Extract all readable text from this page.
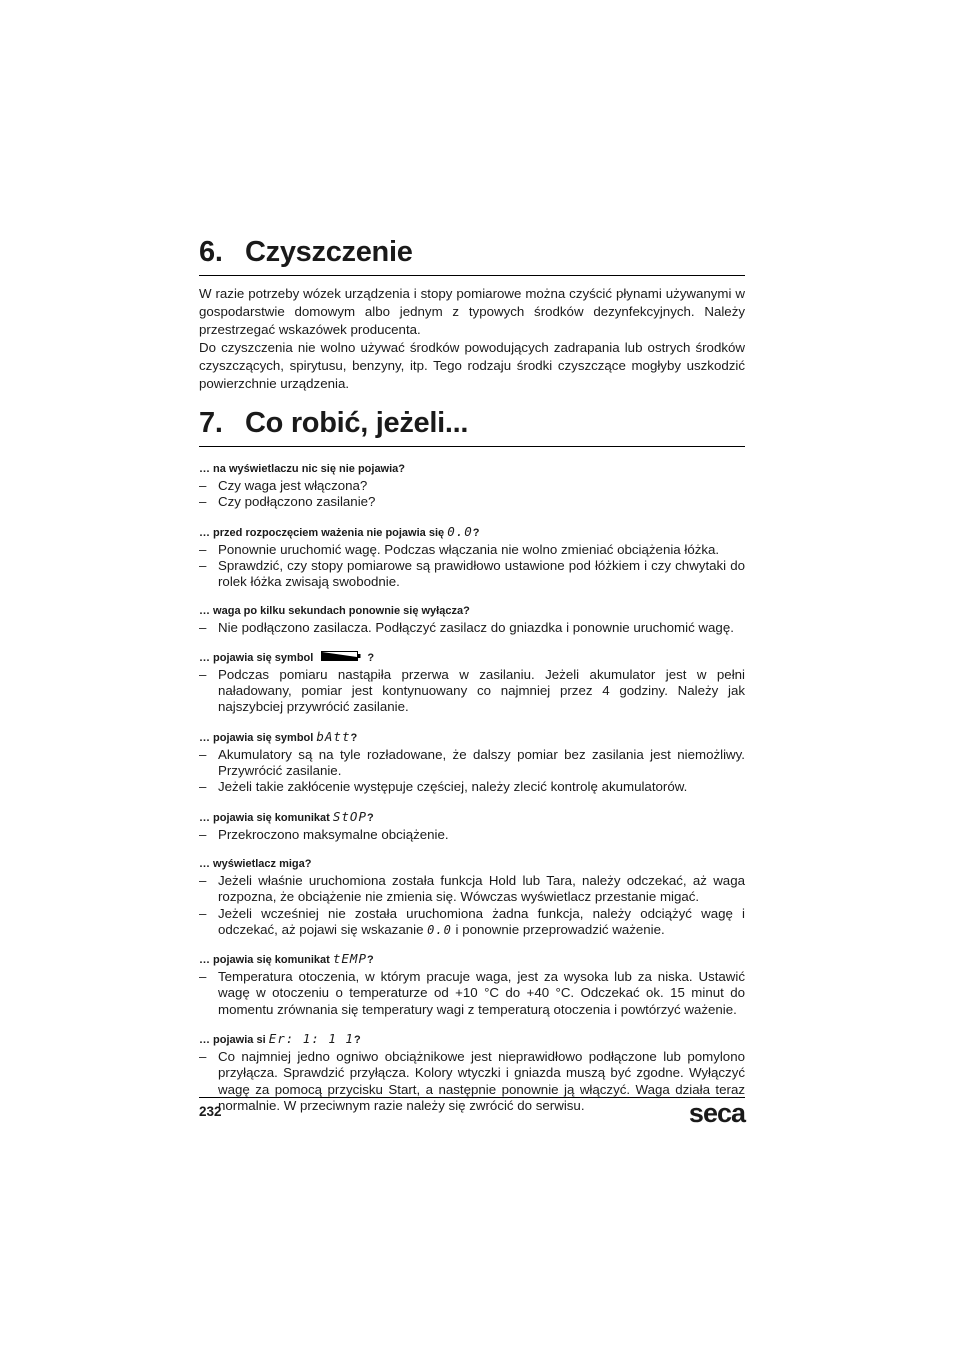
6. Czyszczenie

W razie potrzeby wózek urządzenia i stopy pomiarowe można czyścić płynami używanymi w gospodarstwie domowym albo jednym z typowych środków dezynfekcyjnych. Należy przestrzegać wskazówek producenta.

Do czyszczenia nie wolno używać środków powodujących zadrapania lub ostrych środków czyszczących, spirytusu, benzyny, itp. Tego rodzaju środki czyszczące mogłyby uszkodzić powierzchnie urządzenia.

7. Co robić, jeżeli...
… na wyświetlaczu nic się nie pojawia?
– Czy waga jest włączona?
– Czy podłączono zasilanie?
… przed rozpoczęciem ważenia nie pojawia się 0.0?
– Ponownie uruchomić wagę. Podczas włączania nie wolno zmieniać obciążenia łóżka.
– Sprawdzić, czy stopy pomiarowe są prawidłowo ustawione pod łóżkiem i czy chwytaki do rolek łóżka zwisają swobodnie.
… waga po kilku sekundach ponownie się wyłącza?
– Nie podłączono zasilacza. Podłączyć zasilacz do gniazdka i ponownie uruchomić wagę.
… pojawia się symbol	?
– Podczas pomiaru nastąpiła przerwa w zasilaniu. Jeżeli akumulator jest w pełni naładowany, pomiar jest kontynuowany co najmniej przez 4 godziny. Należy jak najszybciej przywrócić zasilanie.
… pojawia się symbol bAtt?
– Akumulatory są na tyle rozładowane, że dalszy pomiar bez zasilania jest niemożliwy. Przywrócić zasilanie.
– Jeżeli takie zakłócenie występuje częściej, należy zlecić kontrolę akumulatorów.
… pojawia się komunikat StOP?
– Przekroczono maksymalne obciążenie.
… wyświetlacz miga?
– Jeżeli właśnie uruchomiona została funkcja Hold lub Tara, należy odczekać, aż waga rozpozna, że obciążenie nie zmienia się. Wówczas wyświetlacz przestanie migać.
– Jeżeli wcześniej nie została uruchomiona żadna funkcja, należy odciążyć wagę i odczekać, aż pojawi się wskazanie 0.0 i ponownie przeprowadzić ważenie.
… pojawia się komunikat tEMP?
– Temperatura otoczenia, w którym pracuje waga, jest za wysoka lub za niska. Ustawić wagę w otoczeniu o temperaturze od +10 °C do +40 °C. Odczekać ok. 15 minut do momentu zrównania się temperatury wagi z temperaturą otoczenia i powtórzyć ważenie.
… pojawia si Er: 1: 1 1?
– Co najmniej jedno ogniwo obciążnikowe jest nieprawidłowo podłączone lub pomylono przyłącza. Sprawdzić przyłącza. Kolory wtyczki i gniazda muszą być zgodne. Wyłączyć wagę za pomocą przycisku Start, a następnie ponownie ją włączyć. Waga działa teraz normalnie. W przeciwnym razie należy się zwrócić do serwisu.
232	seca
